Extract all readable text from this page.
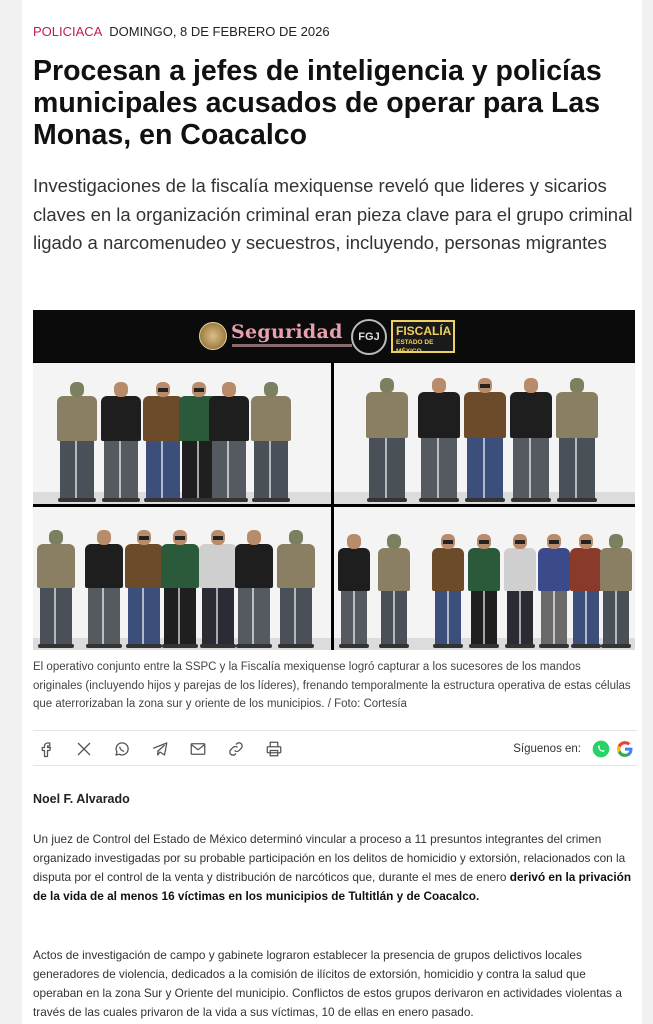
POLICIACA DOMINGO, 8 DE FEBRERO DE 2026
Procesan a jefes de inteligencia y policías municipales acusados de operar para Las Monas, en Coacalco

Investigaciones de la fiscalía mexiquense reveló que lideres y sicarios claves en la organización criminal eran pieza clave para el grupo criminal ligado a narcomenudeo y secuestros, incluyendo, personas migrantes

Seguridad	FGJ	FISCALÍA
ESTADO DE MÉXICO

El operativo conjunto entre la SSPC y la Fiscalía mexiquense logró capturar a los sucesores de los mandos originales (incluyendo hijos y parejas de los líderes), frenando temporalmente la estructura operativa de estas células que aterrorizaban la zona sur y oriente de los municipios. / Foto: Cortesía

Síguenos en:
Noel F. Alvarado

Un juez de Control del Estado de México determinó vincular a proceso a 11 presuntos integrantes del crimen organizado investigadas por su probable participación en los delitos de homicidio y extorsión, relacionados con la disputa por el control de la venta y distribución de narcóticos que, durante el mes de enero derivó en la privación de la vida de al menos 16 víctimas en los municipios de Tultitlán y de Coacalco.

Actos de investigación de campo y gabinete lograron establecer la presencia de grupos delictivos locales generadores de violencia, dedicados a la comisión de ilícitos de extorsión, homicidio y contra la salud que operaban en la zona Sur y Oriente del municipio. Conflictos de estos grupos derivaron en actividades violentas a través de las cuales privaron de la vida a sus víctimas, 10 de ellas en enero pasado.
